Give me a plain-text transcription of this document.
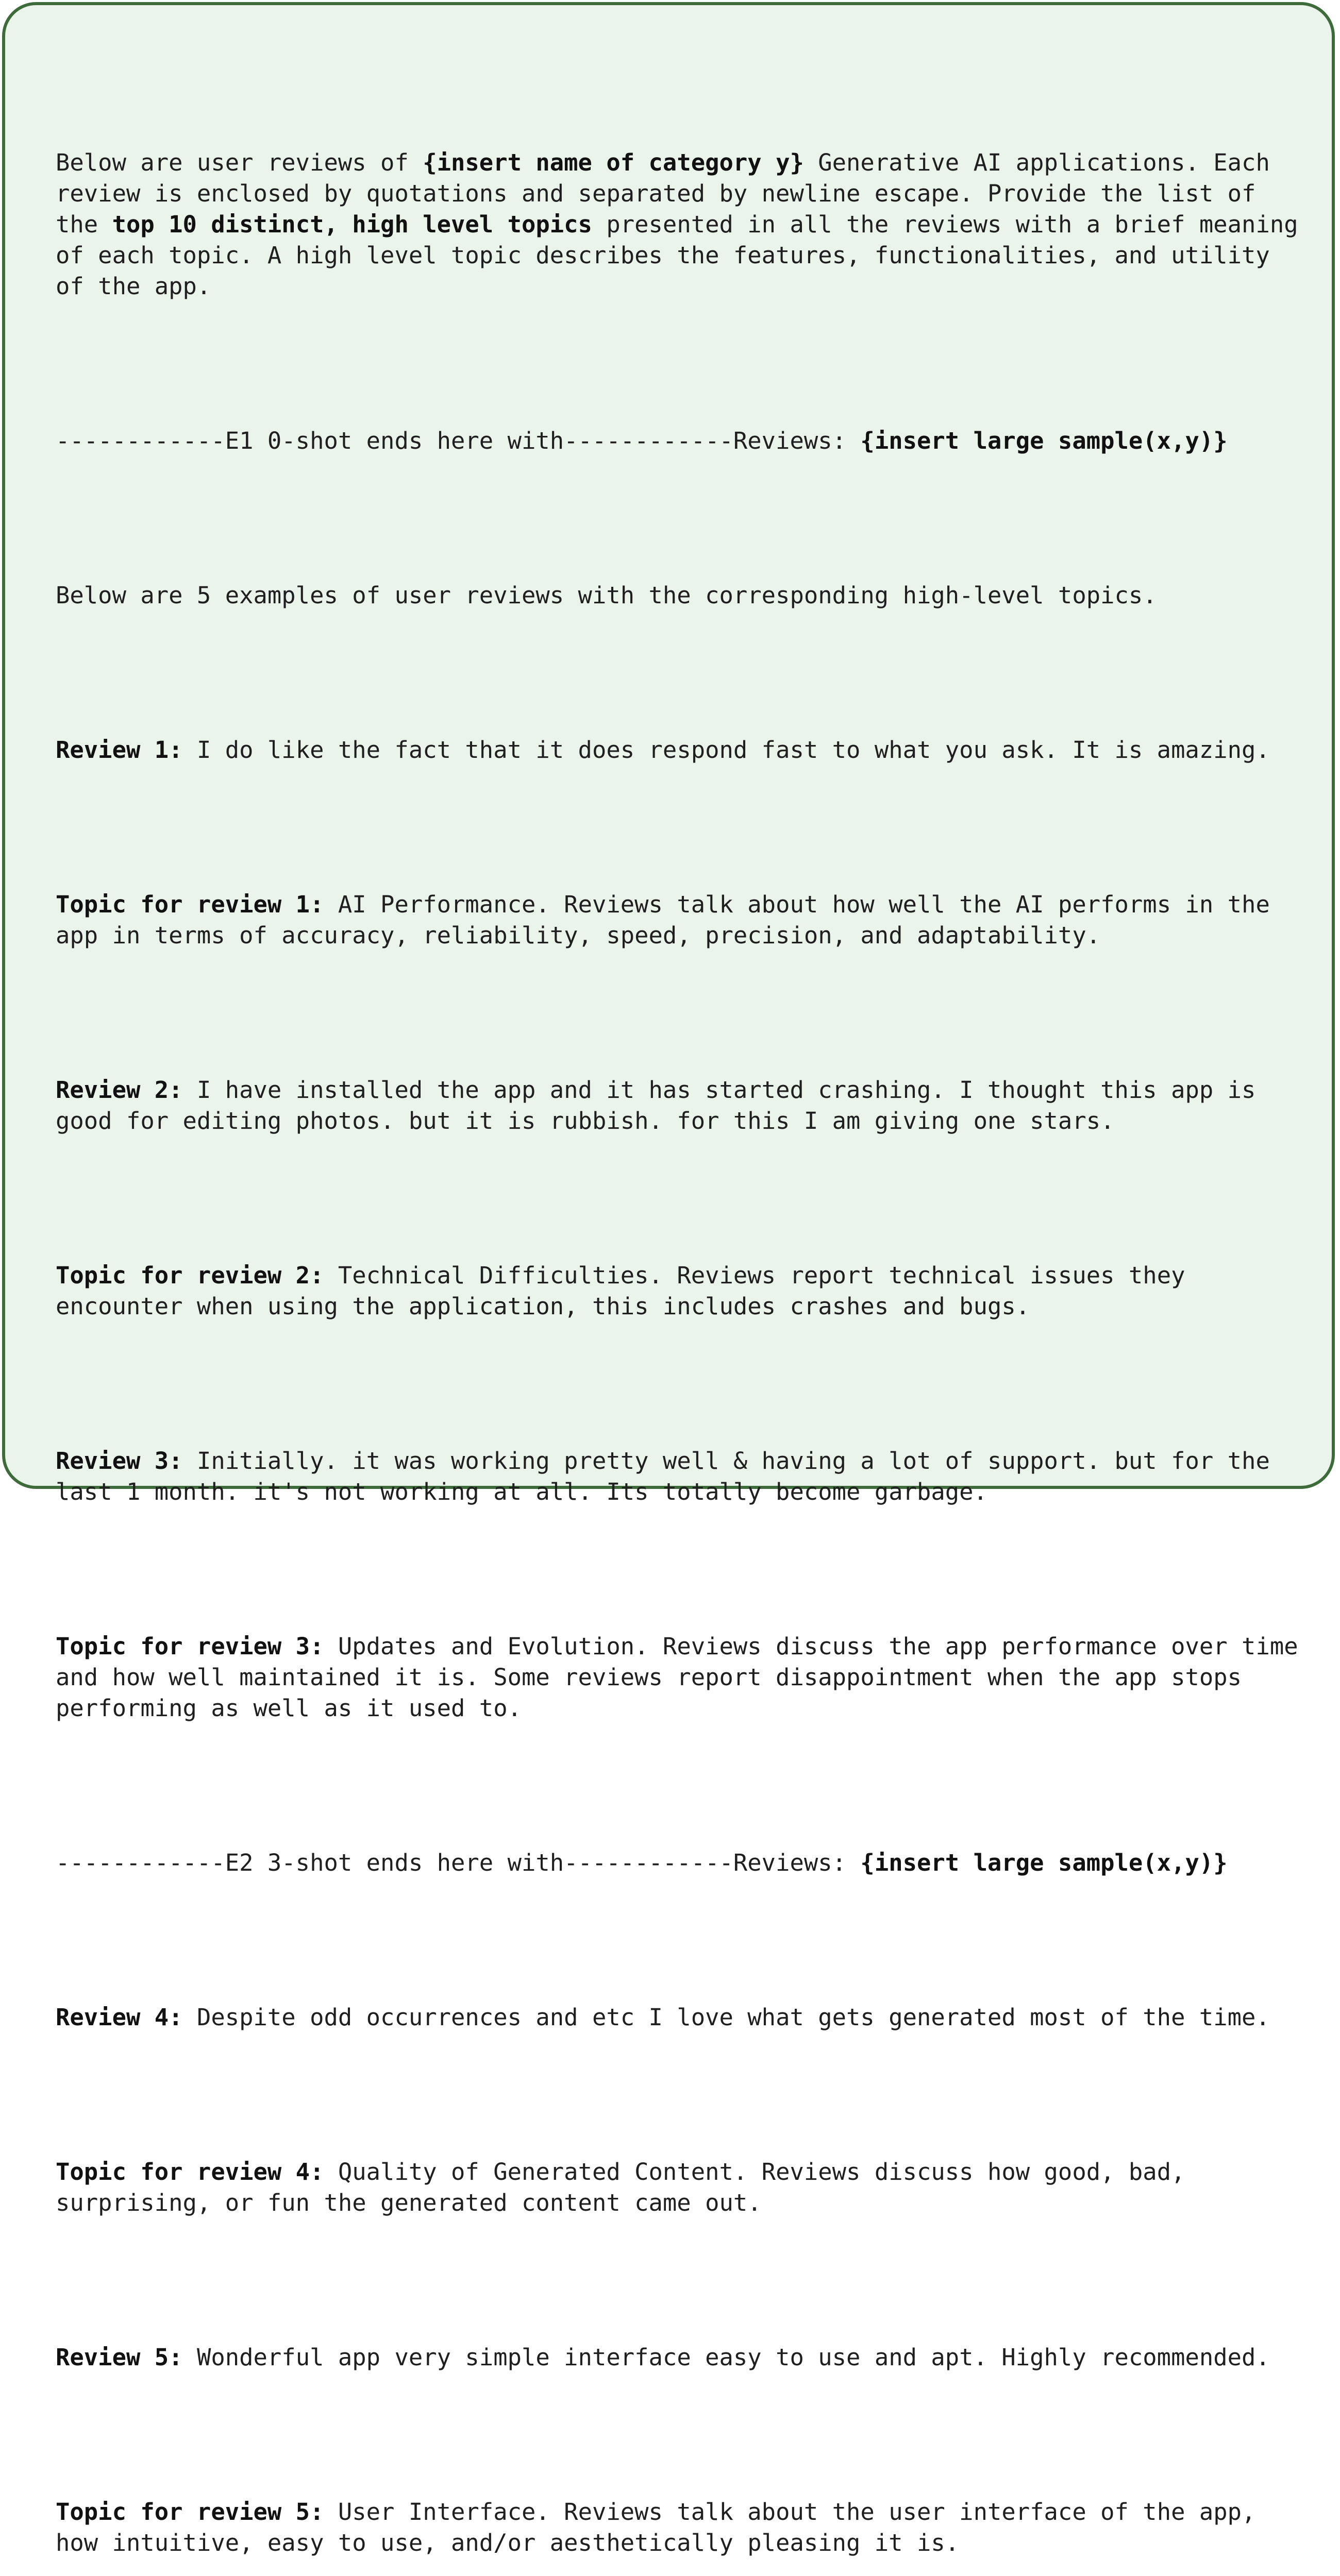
Below are user reviews of {insert name of category y} Generative AI applications. Each review is enclosed by quotations and separated by newline escape. Provide the list of the top 10 distinct, high level topics presented in all the reviews with a brief meaning of each topic. A high level topic describes the features, functionalities, and utility of the app.

------------E1 0-shot ends here with------------Reviews: {insert large sample(x,y)}

Below are 5 examples of user reviews with the corresponding high-level topics.

Review 1: I do like the fact that it does respond fast to what you ask. It is amazing.

Topic for review 1: AI Performance. Reviews talk about how well the AI performs in the app in terms of accuracy, reliability, speed, precision, and adaptability.

Review 2: I have installed the app and it has started crashing. I thought this app is good for editing photos. but it is rubbish. for this I am giving one stars.

Topic for review 2: Technical Difficulties. Reviews report technical issues they encounter when using the application, this includes crashes and bugs.

Review 3: Initially. it was working pretty well & having a lot of support. but for the last 1 month. it's not working at all. Its totally become garbage.

Topic for review 3: Updates and Evolution. Reviews discuss the app performance over time and how well maintained it is. Some reviews report disappointment when the app stops performing as well as it used to.

------------E2 3-shot ends here with------------Reviews: {insert large sample(x,y)}

Review 4: Despite odd occurrences and etc I love what gets generated most of the time.

Topic for review 4: Quality of Generated Content. Reviews discuss how good, bad, surprising, or fun the generated content came out.

Review 5: Wonderful app very simple interface easy to use and apt. Highly recommended.

Topic for review 5: User Interface. Reviews talk about the user interface of the app, how intuitive, easy to use, and/or aesthetically pleasing it is.
